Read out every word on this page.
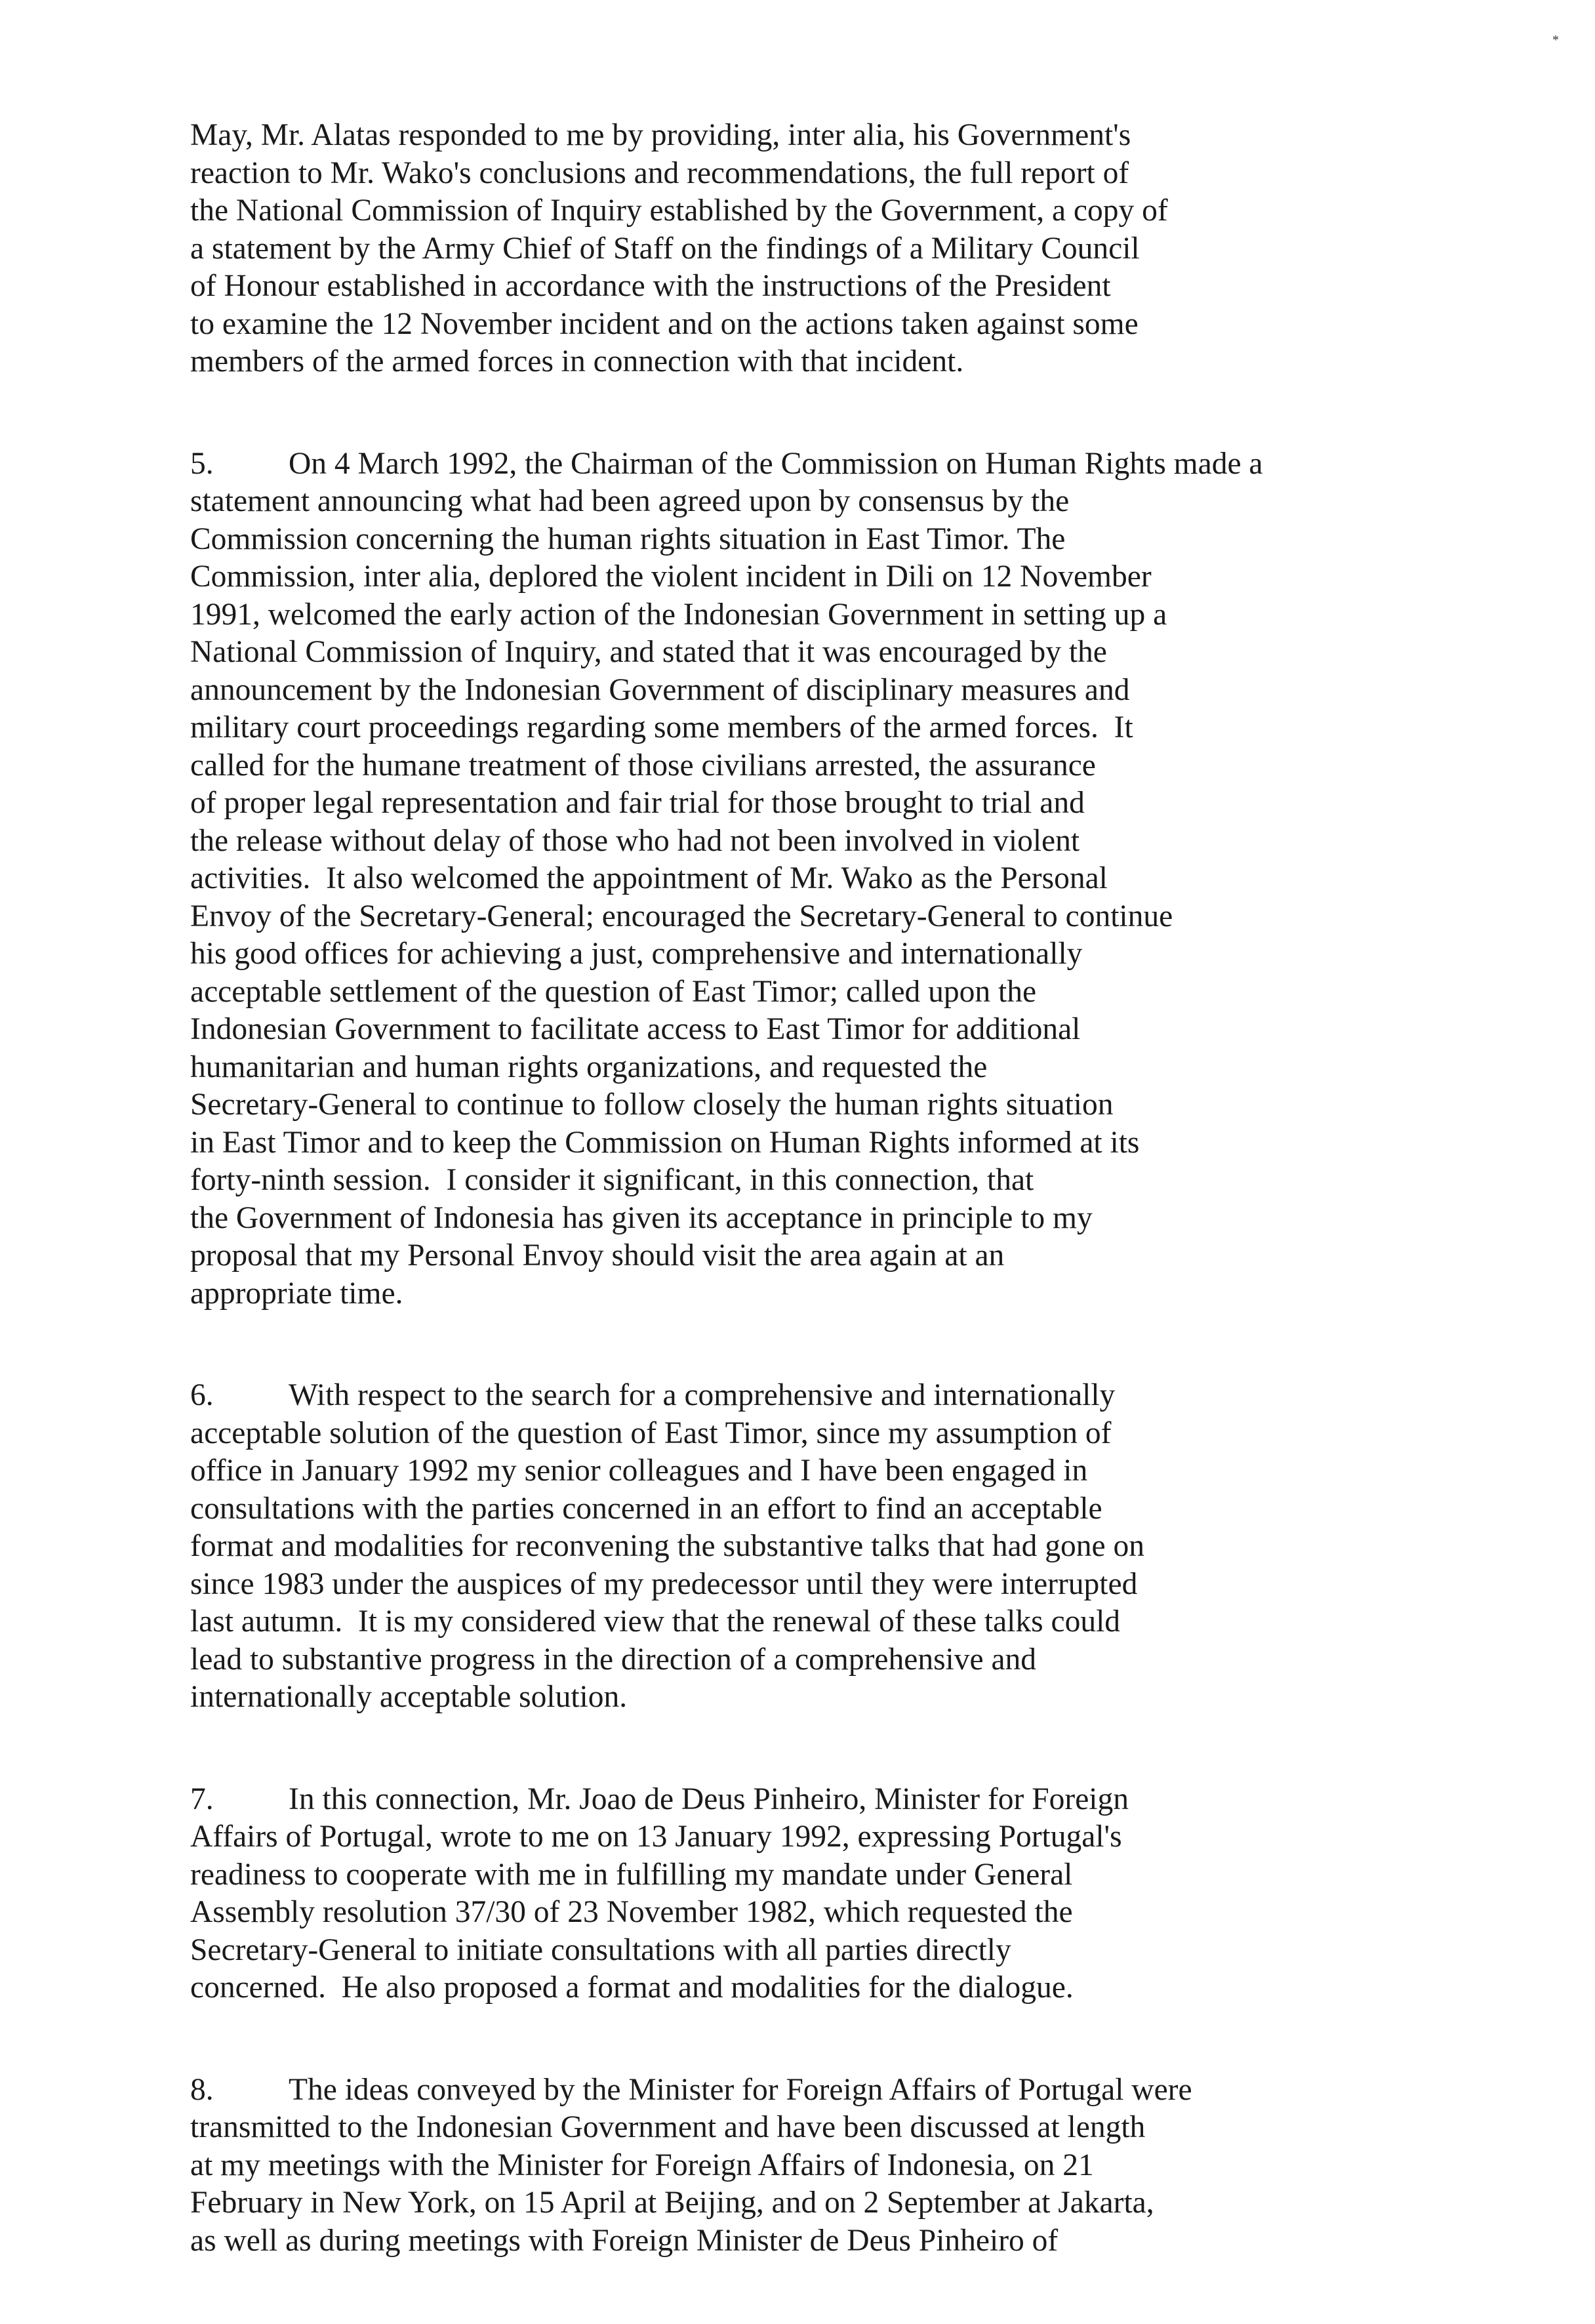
*
May, Mr. Alatas responded to me by providing, inter alia, his Government's
reaction to Mr. Wako's conclusions and recommendations, the full report of
the National Commission of Inquiry established by the Government, a copy of
a statement by the Army Chief of Staff on the findings of a Military Council
of Honour established in accordance with the instructions of the President
to examine the 12 November incident and on the actions taken against some
members of the armed forces in connection with that incident.
5. On 4 March 1992, the Chairman of the Commission on Human Rights made a
statement announcing what had been agreed upon by consensus by the
Commission concerning the human rights situation in East Timor. The
Commission, inter alia, deplored the violent incident in Dili on 12 November
1991, welcomed the early action of the Indonesian Government in setting up a
National Commission of Inquiry, and stated that it was encouraged by the
announcement by the Indonesian Government of disciplinary measures and
military court proceedings regarding some members of the armed forces.  It
called for the humane treatment of those civilians arrested, the assurance
of proper legal representation and fair trial for those brought to trial and
the release without delay of those who had not been involved in violent
activities.  It also welcomed the appointment of Mr. Wako as the Personal
Envoy of the Secretary-General; encouraged the Secretary-General to continue
his good offices for achieving a just, comprehensive and internationally
acceptable settlement of the question of East Timor; called upon the
Indonesian Government to facilitate access to East Timor for additional
humanitarian and human rights organizations, and requested the
Secretary-General to continue to follow closely the human rights situation
in East Timor and to keep the Commission on Human Rights informed at its
forty-ninth session.  I consider it significant, in this connection, that
the Government of Indonesia has given its acceptance in principle to my
proposal that my Personal Envoy should visit the area again at an
appropriate time.
6. With respect to the search for a comprehensive and internationally
acceptable solution of the question of East Timor, since my assumption of
office in January 1992 my senior colleagues and I have been engaged in
consultations with the parties concerned in an effort to find an acceptable
format and modalities for reconvening the substantive talks that had gone on
since 1983 under the auspices of my predecessor until they were interrupted
last autumn.  It is my considered view that the renewal of these talks could
lead to substantive progress in the direction of a comprehensive and
internationally acceptable solution.
7. In this connection, Mr. Joao de Deus Pinheiro, Minister for Foreign
Affairs of Portugal, wrote to me on 13 January 1992, expressing Portugal's
readiness to cooperate with me in fulfilling my mandate under General
Assembly resolution 37/30 of 23 November 1982, which requested the
Secretary-General to initiate consultations with all parties directly
concerned.  He also proposed a format and modalities for the dialogue.
8. The ideas conveyed by the Minister for Foreign Affairs of Portugal were
transmitted to the Indonesian Government and have been discussed at length
at my meetings with the Minister for Foreign Affairs of Indonesia, on 21
February in New York, on 15 April at Beijing, and on 2 September at Jakarta,
as well as during meetings with Foreign Minister de Deus Pinheiro of
